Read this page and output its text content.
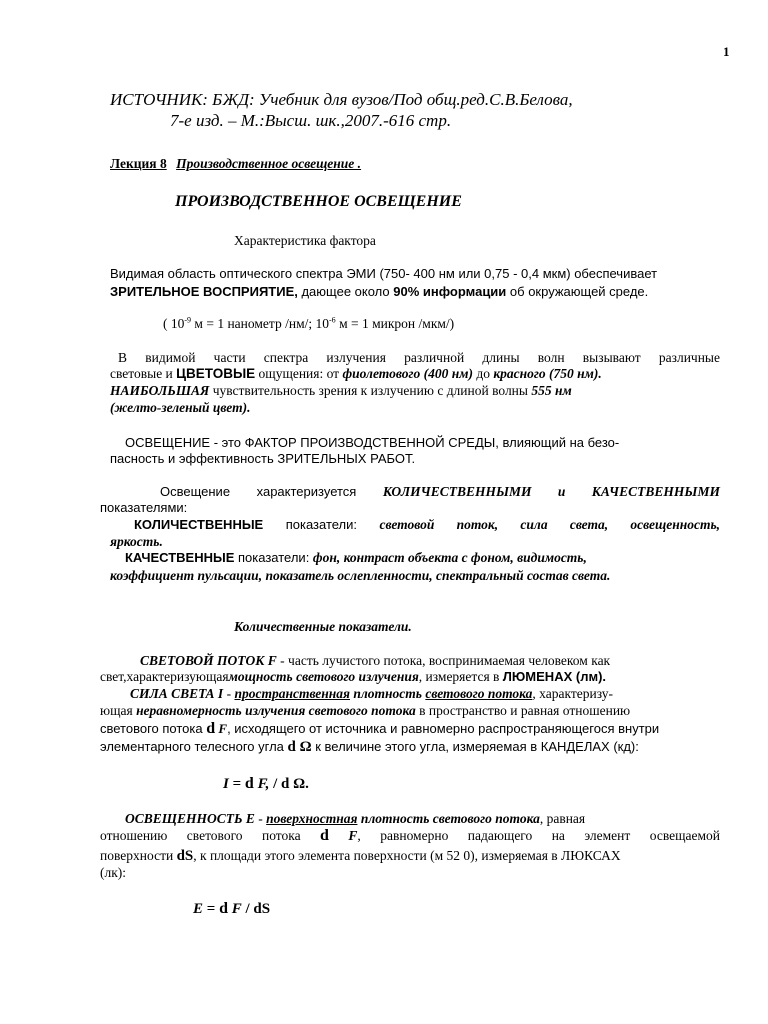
1
ИСТОЧНИК: БЖД: Учебник для вузов/Под общ.ред.С.В.Белова,
7-е изд. – М.:Высш. шк.,2007.-616 стр.
Лекция 8 Производственное освещение .
ПРОИЗВОДСТВЕННОЕ ОСВЕЩЕНИЕ
Характеристика фактора
Видимая область оптического спектра ЭМИ (750- 400 нм или 0,75 - 0,4 мкм) обеспечивает
ЗРИТЕЛЬНОЕ ВОСПРИЯТИЕ, дающее около 90% информации об окружающей среде.
( $10^{-9}$ м = 1 нанометр /нм/; $10^{-6}$ м = 1 микрон /мкм/)
В видимой части спектра излучения различной длины волн вызывают различные
световые и ЦВЕТОВЫЕ ощущения: от фиолетового (400 нм) до красного (750 нм).
НАИБОЛЬШАЯ чувствительность зрения к излучению с длиной волны 555 нм
(желто-зеленый цвет).
ОСВЕЩЕНИЕ - это ФАКТОР ПРОИЗВОДСТВЕННОЙ СРЕДЫ, влияющий на безо-
пасность и эффективность ЗРИТЕЛЬНЫХ РАБОТ.
Освещение характеризуется КОЛИЧЕСТВЕННЫМИ и КАЧЕСТВЕННЫМИ
показателями:
КОЛИЧЕСТВЕННЫЕ показатели: световой поток, сила света, освещенность,
яркость.
КАЧЕСТВЕННЫЕ показатели: фон, контраст объекта с фоном, видимость,
коэффициент пульсации, показатель ослепленности, спектральный состав света.
Количественные показатели.
СВЕТОВОЙ ПОТОК F - часть лучистого потока, воспринимаемая человеком как
свет,характеризующаямощность светового излучения, измеряется в ЛЮМЕНАХ (лм).
СИЛА СВЕТА I - пространственная плотность светового потока, характеризу-
ющая неравномерность излучения светового потока в пространство и равная отношению
светового потока d F, исходящего от источника и равномерно распространяющегося внутри
элементарного телесного угла d Ω к величине этого угла, измеряемая в КАНДЕЛАХ (кд):
I = d F, / d Ω.
ОСВЕЩЕННОСТЬ Е - поверхностная плотность светового потока, равная
отношению светового потока d F, равномерно падающего на элемент освещаемой
поверхности dS, к площади этого элемента поверхности (м 52 0), измеряемая в ЛЮКСАХ
(лк):
E = d F / dS
